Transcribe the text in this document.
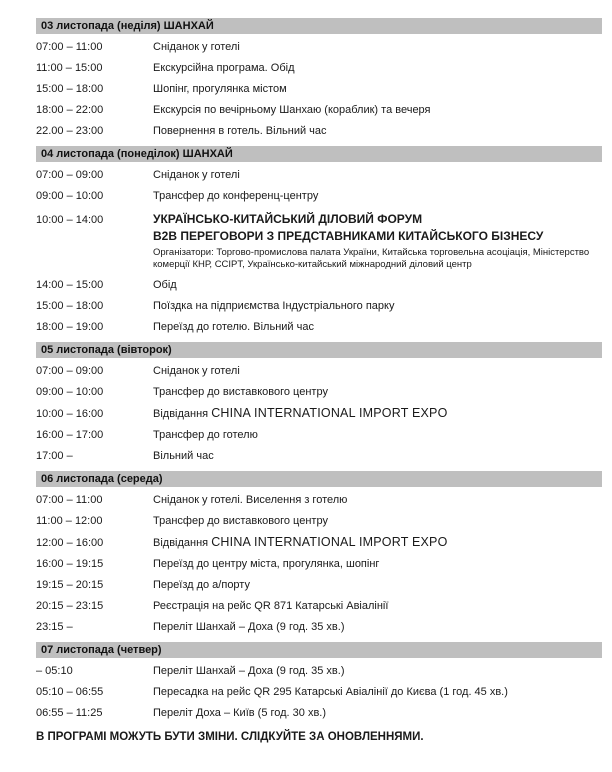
03 листопада (неділя) ШАНХАЙ
07:00 – 11:00	Сніданок у готелі
11:00 – 15:00	Екскурсійна програма. Обід
15:00 – 18:00	Шопінг, прогулянка містом
18:00 – 22:00	Екскурсія по вечірньому Шанхаю (кораблик) та вечеря
22.00 – 23:00	Повернення в готель. Вільний час
04 листопада (понеділок) ШАНХАЙ
07:00 – 09:00	Сніданок у готелі
09:00 – 10:00	Трансфер до конференц-центру
10:00 – 14:00	УКРАЇНСЬКО-КИТАЙСЬКИЙ ДІЛОВИЙ ФОРУМ
B2B ПЕРЕГОВОРИ З ПРЕДСТАВНИКАМИ КИТАЙСЬКОГО БІЗНЕСУ
Організатори: Торгово-промислова палата України, Китайська торговельна асоціація, Міністерство комерції КНР, CCIPT, Українсько-китайський міжнародний діловий центр
14:00 – 15:00	Обід
15:00 – 18:00	Поїздка на підприємства Індустріального парку
18:00 – 19:00	Переїзд до готелю. Вільний час
05 листопада (вівторок)
07:00 – 09:00	Сніданок у готелі
09:00 – 10:00	Трансфер до виставкового центру
10:00 – 16:00	Відвідання CHINA INTERNATIONAL IMPORT EXPO
16:00 – 17:00	Трансфер до готелю
17:00 –	Вільний час
06 листопада (середа)
07:00 – 11:00	Сніданок у готелі. Виселення з готелю
11:00 – 12:00	Трансфер до виставкового центру
12:00 – 16:00	Відвідання CHINA INTERNATIONAL IMPORT EXPO
16:00 – 19:15	Переїзд до центру міста, прогулянка, шопінг
19:15 – 20:15	Переїзд до а/порту
20:15 – 23:15	Реєстрація на рейс QR 871 Катарські Авіалінії
23:15 –	Переліт Шанхай – Доха (9 год. 35 хв.)
07 листопада (четвер)
– 05:10	Переліт Шанхай – Доха (9 год. 35 хв.)
05:10 – 06:55	Пересадка на рейс QR 295 Катарські Авіалінії до Києва (1 год. 45 хв.)
06:55 – 11:25	Переліт Доха – Київ (5 год. 30 хв.)
В ПРОГРАМІ МОЖУТЬ БУТИ ЗМІНИ. СЛІДКУЙТЕ ЗА ОНОВЛЕННЯМИ.
